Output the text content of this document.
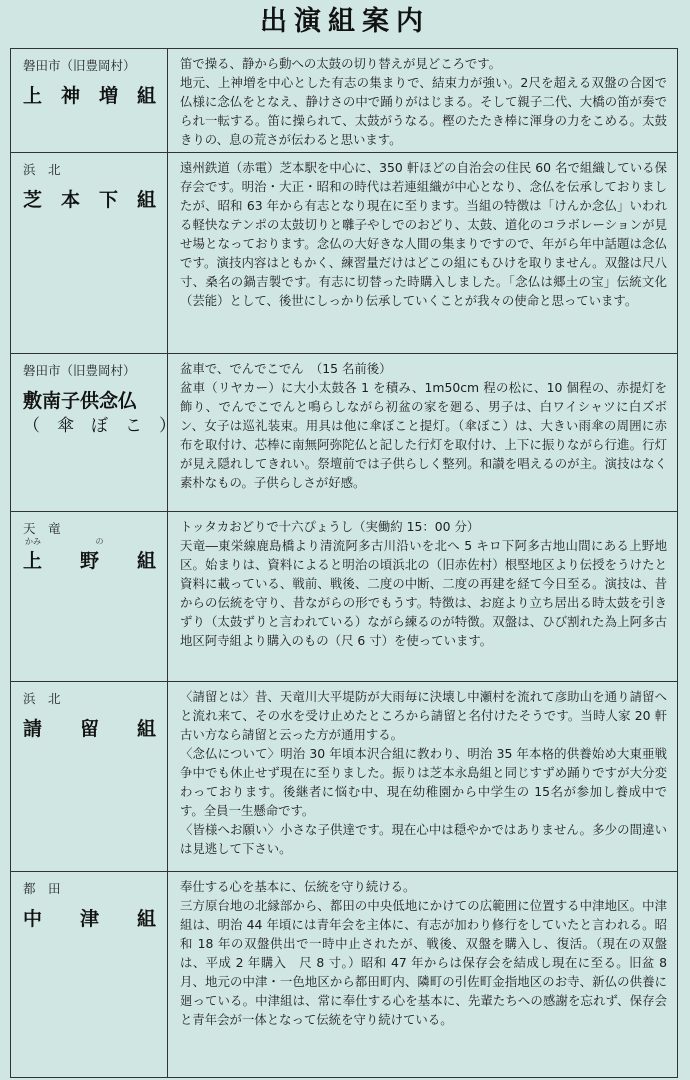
出演組案内
磐田市（旧豊岡村）
上　神　増　組

笛で操る、静から動への太鼓の切り替えが見どころです。

地元、上神増を中心とした有志の集まりで、結束力が強い。2尺を超える双盤の合図で仏様に念仏をとなえ、静けさの中で踊りがはじまる。そして親子二代、大橋の笛が奏でられ一転する。笛に操られて、太鼓がうなる。樫のたたき棒に渾身の力をこめる。太鼓きりの、息の荒さが伝わると思います。

浜　北
芝　本　下　組

遠州鉄道（赤電）芝本駅を中心に、350 軒ほどの自治会の住民 60 名で組織している保存会です。明治・大正・昭和の時代は若連組織が中心となり、念仏を伝承しておりましたが、昭和 63 年から有志となり現在に至ります。当組の特徴は「けんか念仏」いわれる軽快なテンポの太鼓切りと囃子やしでのおどり、太鼓、道化のコラボレーションが見せ場となっております。念仏の大好きな人間の集まりですので、年がら年中話題は念仏です。演技内容はともかく、練習量だけはどこの組にもひけを取りません。双盤は尺八寸、桑名の鍋吉製です。有志に切替った時購入しました。「念仏は郷土の宝」伝統文化（芸能）として、後世にしっかり伝承していくことが我々の使命と思っています。

磐田市（旧豊岡村）
敷南子供念仏
（　傘　ぼ　こ　）

盆車で、でんでこでん　（15 名前後）

盆車（リヤカー）に大小太鼓各 1 を積み、1m50cm 程の松に、10 個程の、赤提灯を飾り、でんでこでんと鳴らしながら初盆の家を廻る、男子は、白ワイシャツに白ズボン、女子は巡礼装束。用具は他に傘ぼこと提灯。（傘ぼこ）は、大きい雨傘の周囲に赤布を取付け、芯棒に南無阿弥陀仏と記した行灯を取付け、上下に振りながら行進。行灯が見え隠れしてきれい。祭壇前では子供らしく整列。和讃を唱えるのが主。演技はなく素朴なもの。子供らしさが好感。

天　竜
かみ	の
上　　野　　組

トッタカおどりで十六ぴょうし（実働約 15：00 分）

天竜―東栄線鹿島橋より清流阿多古川沿いを北へ 5 キロ下阿多古地山間にある上野地区。始まりは、資料によると明治の頃浜北の（旧赤佐村）根堅地区より伝授をうけたと資料に載っている、戦前、戦後、二度の中断、二度の再建を経て今日至る。演技は、昔からの伝統を守り、昔ながらの形でもうす。特徴は、お庭より立ち居出る時太鼓を引きずり（太鼓ずりと言われている）ながら練るのが特徴。双盤は、ひび割れた為上阿多古地区阿寺組より購入のもの（尺 6 寸）を使っています。

浜　北
請　　留　　組

〈請留とは〉昔、天竜川大平堤防が大雨毎に決壊し中瀬村を流れて彦助山を通り請留へと流れ来て、その水を受け止めたところから請留と名付けたそうです。当時人家 20 軒古い方なら請留と云った方が通用する。

〈念仏について〉明治 30 年頃本沢合組に教わり、明治 35 年本格的供養始め大東亜戦争中でも休止せず現在に至りました。振りは芝本永島組と同じすずめ踊りですが大分変わっております。後継者に悩む中、現在幼稚園から中学生の 15名が参加し養成中です。全員一生懸命です。

〈皆様へお願い〉小さな子供達です。現在心中は穏やかではありません。多少の間違いは見逃して下さい。

都　田
中　　津　　組

奉仕する心を基本に、伝統を守り続ける。

三方原台地の北縁部から、都田の中央低地にかけての広範囲に位置する中津地区。中津組は、明治 44 年頃には青年会を主体に、有志が加わり修行をしていたと言われる。昭和 18 年の双盤供出で一時中止されたが、戦後、双盤を購入し、復活。（現在の双盤は、平成 2 年購入　尺 8 寸。）昭和 47 年からは保存会を結成し現在に至る。旧盆 8 月、地元の中津・一色地区から都田町内、隣町の引佐町金指地区のお寺、新仏の供養に廻っている。中津組は、常に奉仕する心を基本に、先輩たちへの感謝を忘れず、保存会と青年会が一体となって伝統を守り続けている。
